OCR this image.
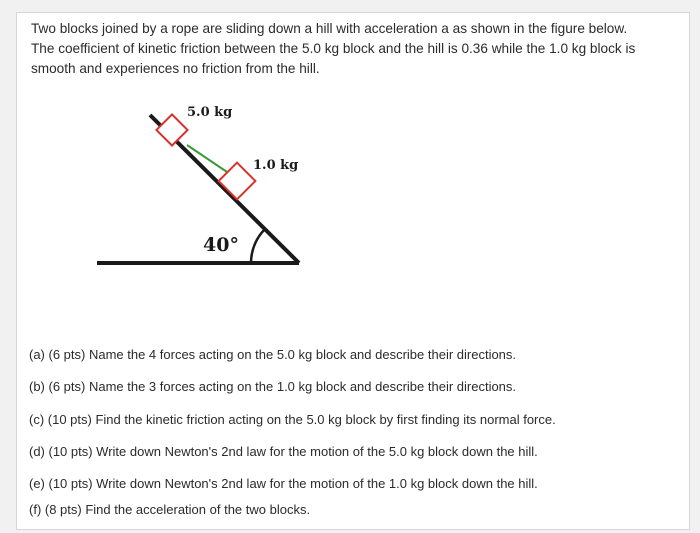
Two blocks joined by a rope are sliding down a hill with acceleration a as shown in the figure below.
The coefficient of kinetic friction between the 5.0 kg block and the hill is 0.36 while the 1.0 kg block is
smooth and experiences no friction from the hill.

5.0 kg
1.0 kg
40°

(a) (6 pts) Name the 4 forces acting on the 5.0 kg block and describe their directions.

(b) (6 pts) Name the 3 forces acting on the 1.0 kg block and describe their directions.

(c) (10 pts) Find the kinetic friction acting on the 5.0 kg block by first finding its normal force.

(d) (10 pts) Write down Newton's 2nd law for the motion of the 5.0 kg block down the hill.

(e) (10 pts) Write down Newton's 2nd law for the motion of the 1.0 kg block down the hill.

(f) (8 pts) Find the acceleration of the two blocks.
